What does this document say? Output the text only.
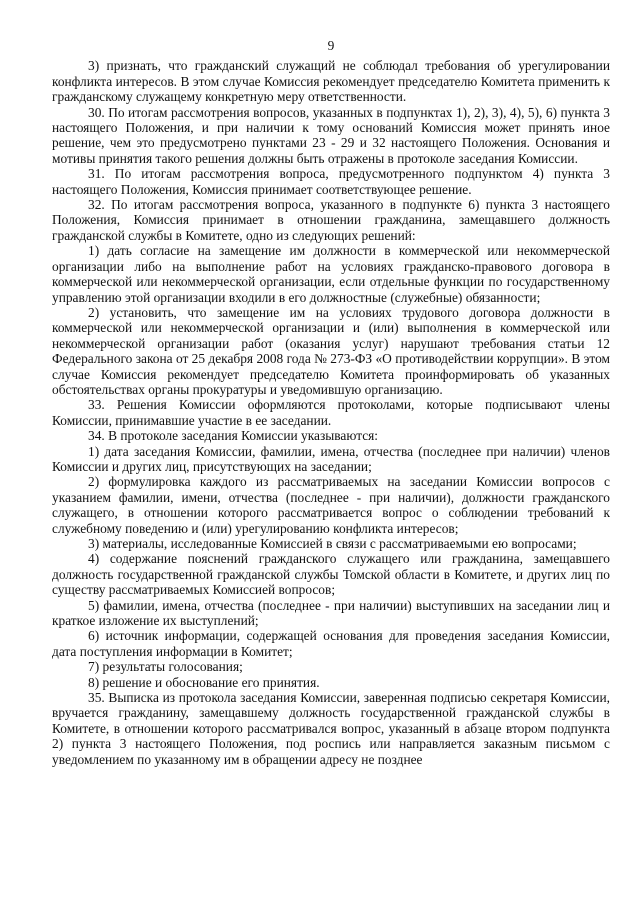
9

3) признать, что гражданский служащий не соблюдал требования об урегулировании конфликта интересов. В этом случае Комиссия рекомендует председателю Комитета применить к гражданскому служащему конкретную меру ответственности.

30. По итогам рассмотрения вопросов, указанных в подпунктах 1), 2), 3), 4), 5), 6) пункта 3 настоящего Положения, и при наличии к тому оснований Комиссия может принять иное решение, чем это предусмотрено пунктами 23 - 29 и 32 настоящего Положения. Основания и мотивы принятия такого решения должны быть отражены в протоколе заседания Комиссии.

31. По итогам рассмотрения вопроса, предусмотренного подпунктом 4) пункта 3 настоящего Положения, Комиссия принимает соответствующее решение.

32. По итогам рассмотрения вопроса, указанного в подпункте 6) пункта 3 настоящего Положения, Комиссия принимает в отношении гражданина, замещавшего должность гражданской службы в Комитете, одно из следующих решений:

1) дать согласие на замещение им должности в коммерческой или некоммерческой организации либо на выполнение работ на условиях гражданско-правового договора в коммерческой или некоммерческой организации, если отдельные функции по государственному управлению этой организации входили в его должностные (служебные) обязанности;

2) установить, что замещение им на условиях трудового договора должности в коммерческой или некоммерческой организации и (или) выполнения в коммерческой или некоммерческой организации работ (оказания услуг) нарушают требования статьи 12 Федерального закона от 25 декабря 2008 года № 273-ФЗ «О противодействии коррупции». В этом случае Комиссия рекомендует председателю Комитета проинформировать об указанных обстоятельствах органы прокуратуры и уведомившую организацию.

33. Решения Комиссии оформляются протоколами, которые подписывают члены Комиссии, принимавшие участие в ее заседании.

34. В протоколе заседания Комиссии указываются:

1) дата заседания Комиссии, фамилии, имена, отчества (последнее при наличии) членов Комиссии и других лиц, присутствующих на заседании;

2) формулировка каждого из рассматриваемых на заседании Комиссии вопросов с указанием фамилии, имени, отчества (последнее - при наличии), должности гражданского служащего, в отношении которого рассматривается вопрос о соблюдении требований к служебному поведению и (или) урегулированию конфликта интересов;

3) материалы, исследованные Комиссией в связи с рассматриваемыми ею вопросами;

4) содержание пояснений гражданского служащего или гражданина, замещавшего должность государственной гражданской службы Томской области в Комитете, и других лиц по существу рассматриваемых Комиссией вопросов;

5) фамилии, имена, отчества (последнее - при наличии) выступивших на заседании лиц и краткое изложение их выступлений;

6) источник информации, содержащей основания для проведения заседания Комиссии, дата поступления информации в Комитет;

7) результаты голосования;

8) решение и обоснование его принятия.

35. Выписка из протокола заседания Комиссии, заверенная подписью секретаря Комиссии, вручается гражданину, замещавшему должность государственной гражданской службы в Комитете, в отношении которого рассматривался вопрос, указанный в абзаце втором подпункта 2) пункта 3 настоящего Положения, под роспись или направляется заказным письмом с уведомлением по указанному им в обращении адресу не позднее
